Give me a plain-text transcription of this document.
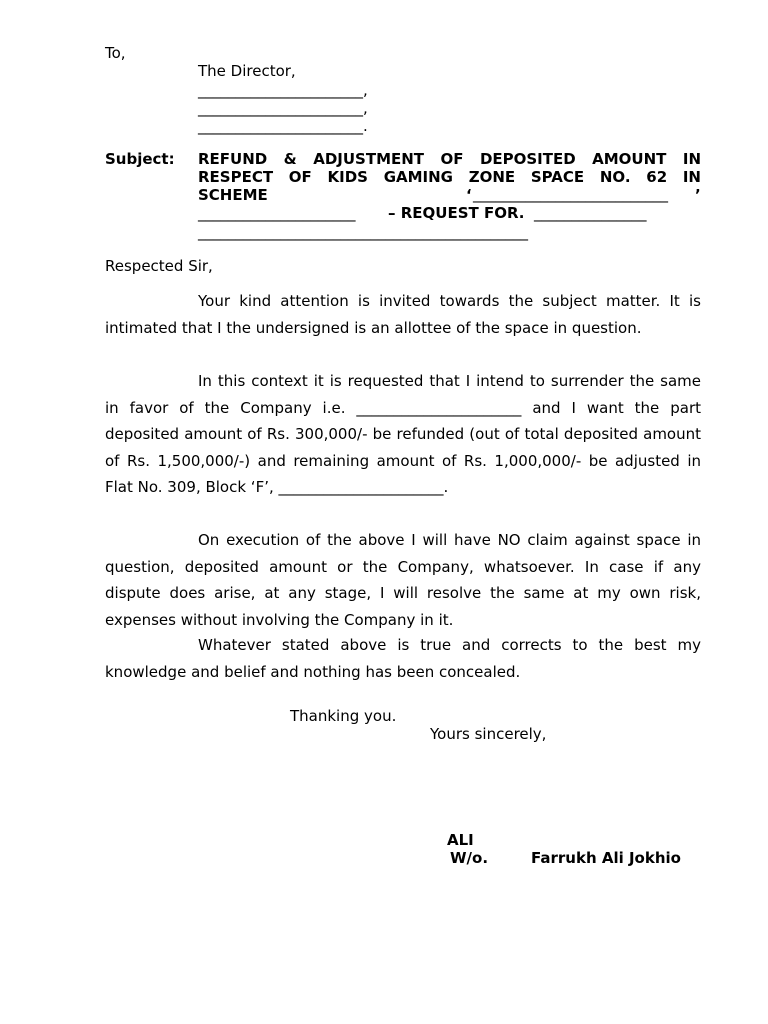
To,
The Director,
______________________,
______________________,
______________________.
Subject: REFUND & ADJUSTMENT OF DEPOSITED AMOUNT IN
RESPECT OF KIDS GAMING ZONE SPACE NO. 62 IN
SCHEME	‘ __________________________ ’
_____________________ – REQUEST FOR. _______________
____________________________________________
Respected Sir,
Your kind attention is invited towards the subject matter. It is intimated that I the undersigned is an allottee of the space in question.
In this context it is requested that I intend to surrender the same in favor of the Company i.e. ______________________ and I want the part deposited amount of Rs. 300,000/- be refunded (out of total deposited amount of Rs. 1,500,000/-) and remaining amount of Rs. 1,000,000/- be adjusted in Flat No. 309, Block ‘F’, ______________________.
On execution of the above I will have NO claim against space in question, deposited amount or the Company, whatsoever. In case if any dispute does arise, at any stage, I will resolve the same at my own risk, expenses without involving the Company in it.
Whatever stated above is true and corrects to the best my knowledge and belief and nothing has been concealed.
Thanking you.
Yours sincerely,
ALI
W/o.	Farrukh Ali Jokhio
